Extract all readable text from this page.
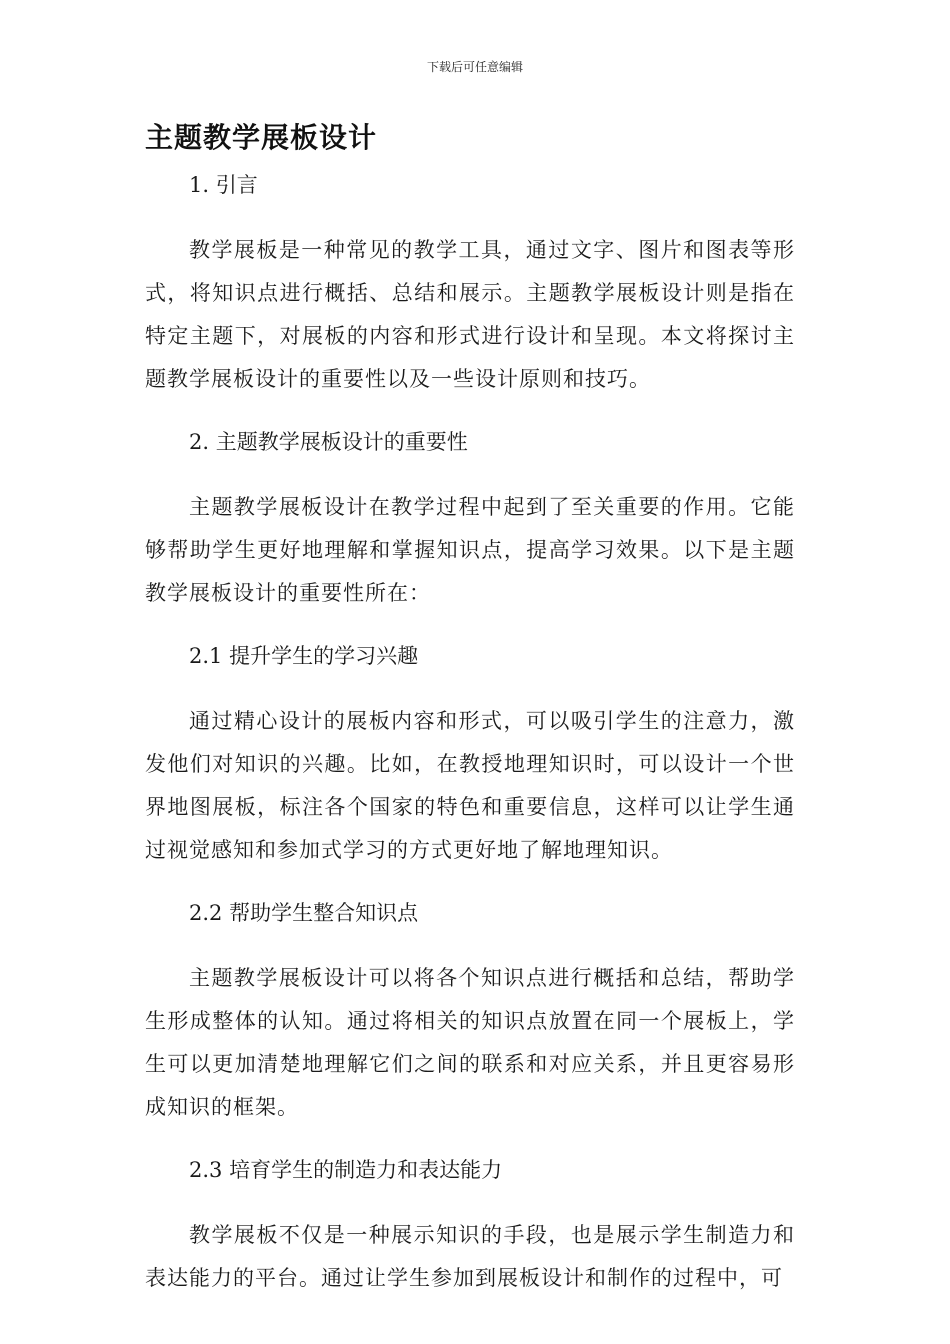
下载后可任意编辑
主题教学展板设计
1. 引言

教学展板是一种常见的教学工具，通过文字、图片和图表等形式，将知识点进行概括、总结和展示。主题教学展板设计则是指在特定主题下，对展板的内容和形式进行设计和呈现。本文将探讨主题教学展板设计的重要性以及一些设计原则和技巧。

2. 主题教学展板设计的重要性

主题教学展板设计在教学过程中起到了至关重要的作用。它能够帮助学生更好地理解和掌握知识点，提高学习效果。以下是主题教学展板设计的重要性所在：

2.1 提升学生的学习兴趣

通过精心设计的展板内容和形式，可以吸引学生的注意力，激发他们对知识的兴趣。比如，在教授地理知识时，可以设计一个世界地图展板，标注各个国家的特色和重要信息，这样可以让学生通过视觉感知和参加式学习的方式更好地了解地理知识。

2.2 帮助学生整合知识点

主题教学展板设计可以将各个知识点进行概括和总结，帮助学生形成整体的认知。通过将相关的知识点放置在同一个展板上，学生可以更加清楚地理解它们之间的联系和对应关系，并且更容易形成知识的框架。

2.3 培育学生的制造力和表达能力

教学展板不仅是一种展示知识的手段，也是展示学生制造力和表达能力的平台。通过让学生参加到展板设计和制作的过程中，可
